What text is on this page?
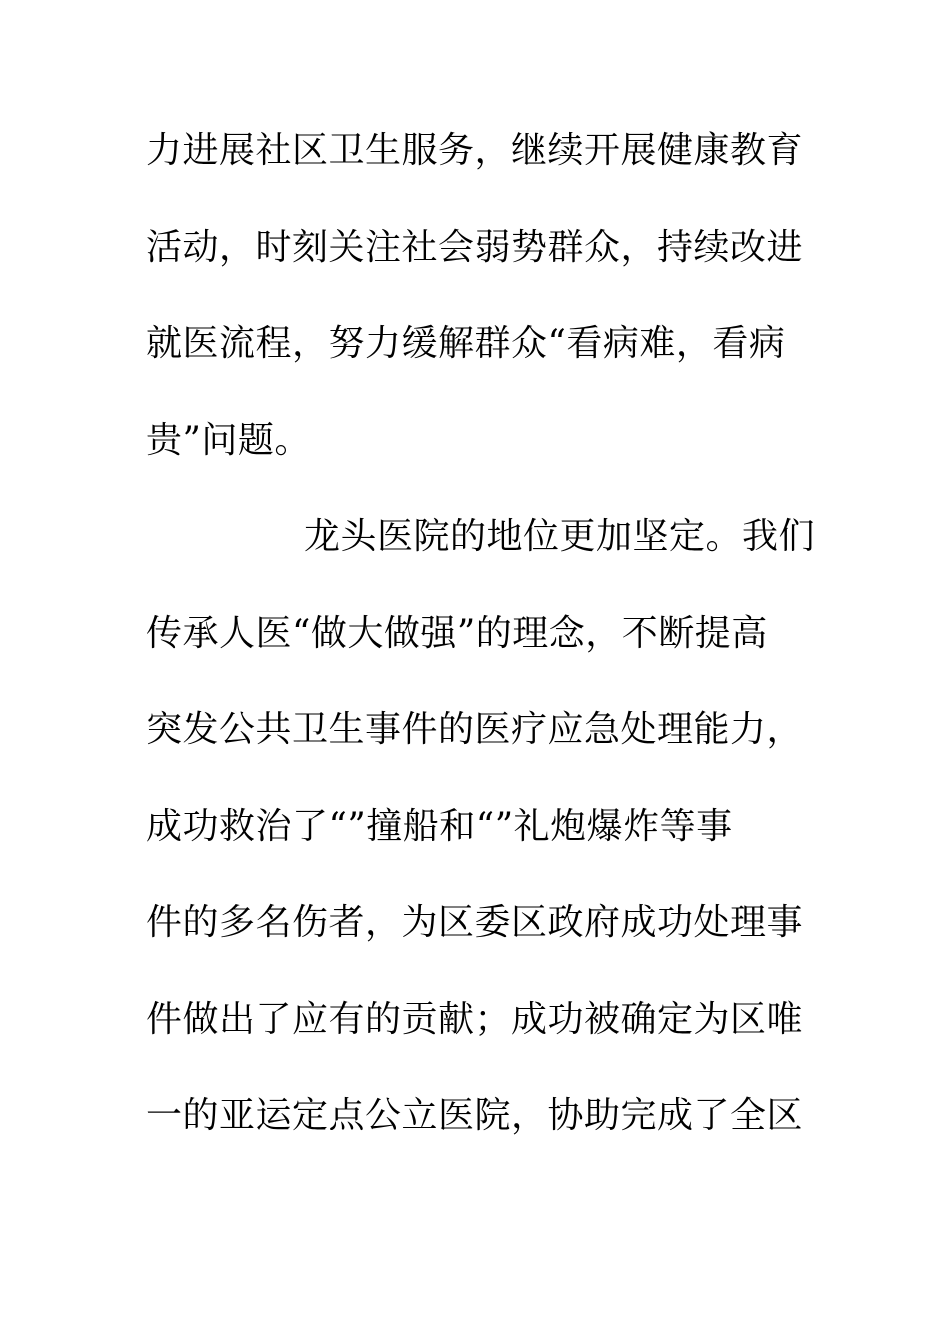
力进展社区卫生服务，继续开展健康教育
活动，时刻关注社会弱势群众，持续改进
就医流程，努力缓解群众“看病难，看病
贵”问题。
龙头医院的地位更加坚定。我们
传承人医“做大做强”的理念，不断提高
突发公共卫生事件的医疗应急处理能力，
成功救治了“”撞船和“”礼炮爆炸等事
件的多名伤者，为区委区政府成功处理事
件做出了应有的贡献；成功被确定为区唯
一的亚运定点公立医院，协助完成了全区
